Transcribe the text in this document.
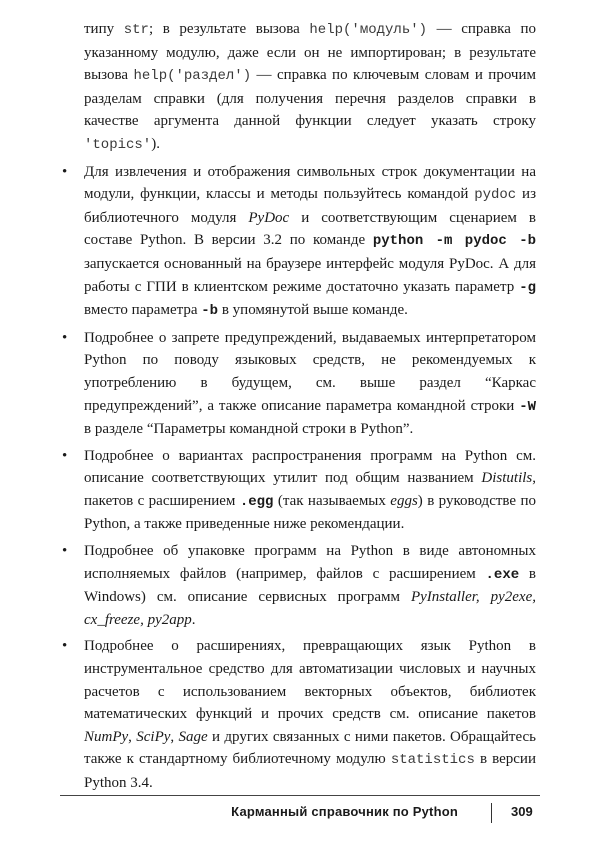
типу str; в результате вызова help('модуль') — справка по указанному модулю, даже если он не импортирован; в результате вызова help('раздел') — справка по ключевым словам и прочим разделам справки (для получения перечня разделов справки в качестве аргумента данной функции следует указать строку 'topics').

• Для извлечения и отображения символьных строк документации на модули, функции, классы и методы пользуйтесь командой pydoc из библиотечного модуля PyDoc и соответствующим сценарием в составе Python. В версии 3.2 по команде python -m pydoc -b запускается основанный на браузере интерфейс модуля PyDoc. А для работы с ГПИ в клиентском режиме достаточно указать параметр -g вместо параметра -b в упомянутой выше команде.

• Подробнее о запрете предупреждений, выдаваемых интерпретатором Python по поводу языковых средств, не рекомендуемых к употреблению в будущем, см. выше раздел “Каркас предупреждений”, а также описание параметра командной строки -W в разделе “Параметры командной строки в Python”.

• Подробнее о вариантах распространения программ на Python см. описание соответствующих утилит под общим названием Distutils, пакетов с расширением .egg (так называемых eggs) в руководстве по Python, а также приведенные ниже рекомендации.

• Подробнее об упаковке программ на Python в виде автономных исполняемых файлов (например, файлов с расширением .exe в Windows) см. описание сервисных программ PyInstaller, py2exe, cx_freeze, py2app.

• Подробнее о расширениях, превращающих язык Python в инструментальное средство для автоматизации числовых и научных расчетов с использованием векторных объектов, библиотек математических функций и прочих средств см. описание пакетов NumPy, SciPy, Sage и других связанных с ними пакетов. Обращайтесь также к стандартному библиотечному модулю statistics в версии Python 3.4.

Карманный справочник по Python	309
